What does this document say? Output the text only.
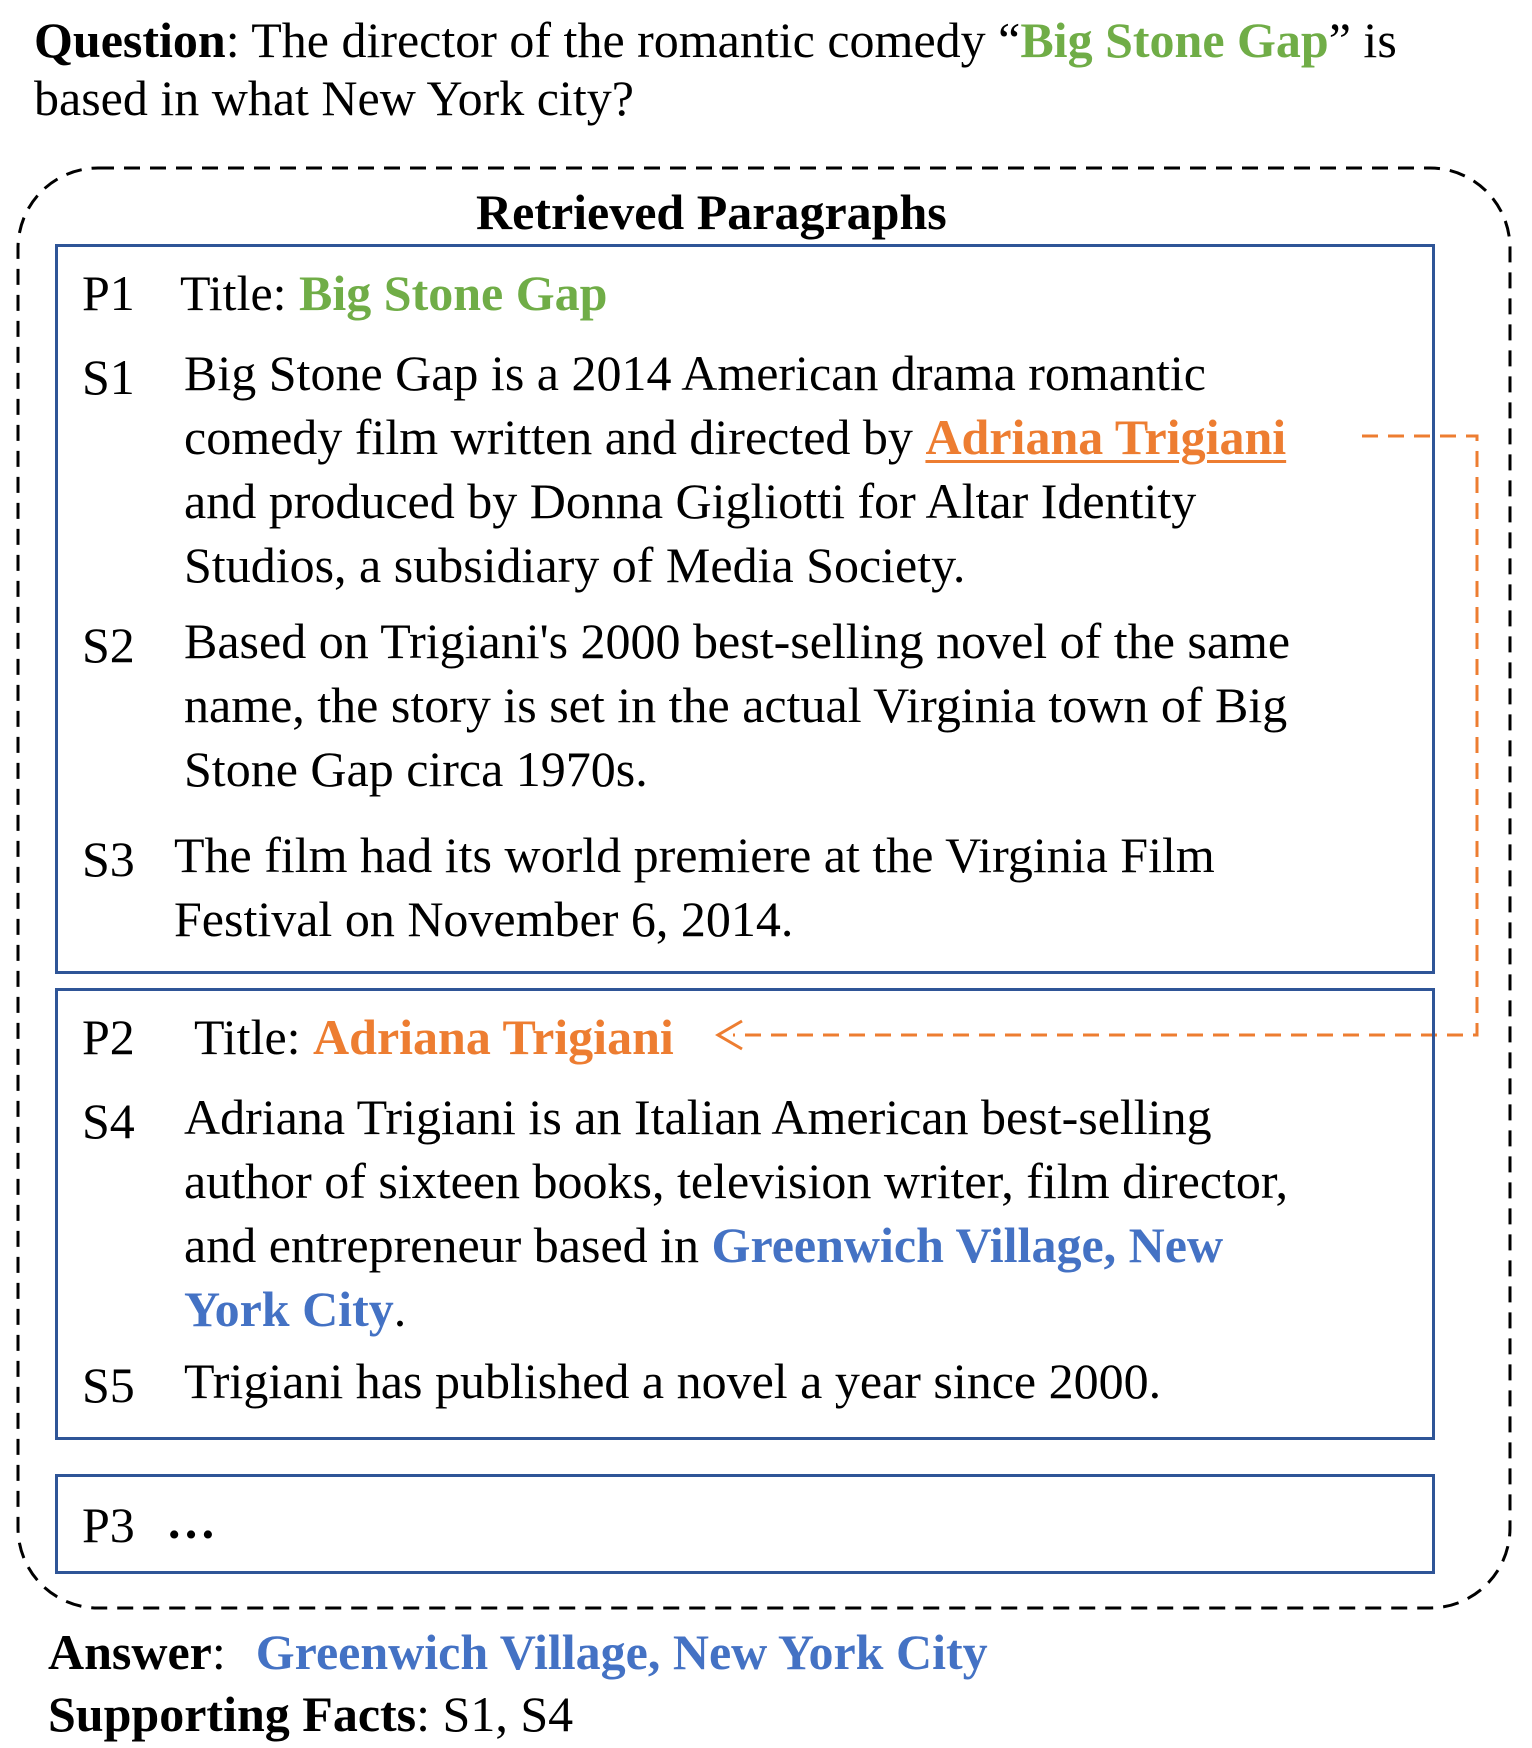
Question: The director of the romantic comedy “Big Stone Gap” is
based in what New York city?
Retrieved Paragraphs
P1 Title: Big Stone Gap
S1 Big Stone Gap is a 2014 American drama romantic
comedy film written and directed by Adriana Trigiani
and produced by Donna Gigliotti for Altar Identity
Studios, a subsidiary of Media Society.
S2 Based on Trigiani's 2000 best-selling novel of the same
name, the story is set in the actual Virginia town of Big
Stone Gap circa 1970s.
S3 The film had its world premiere at the Virginia Film
Festival on November 6, 2014.
P2 Title: Adriana Trigiani
S4 Adriana Trigiani is an Italian American best-selling
author of sixteen books, television writer, film director,
and entrepreneur based in Greenwich Village, New
York City.
S5 Trigiani has published a novel a year since 2000.
P3 …
Answer: Greenwich Village, New York City
Supporting Facts: S1, S4
